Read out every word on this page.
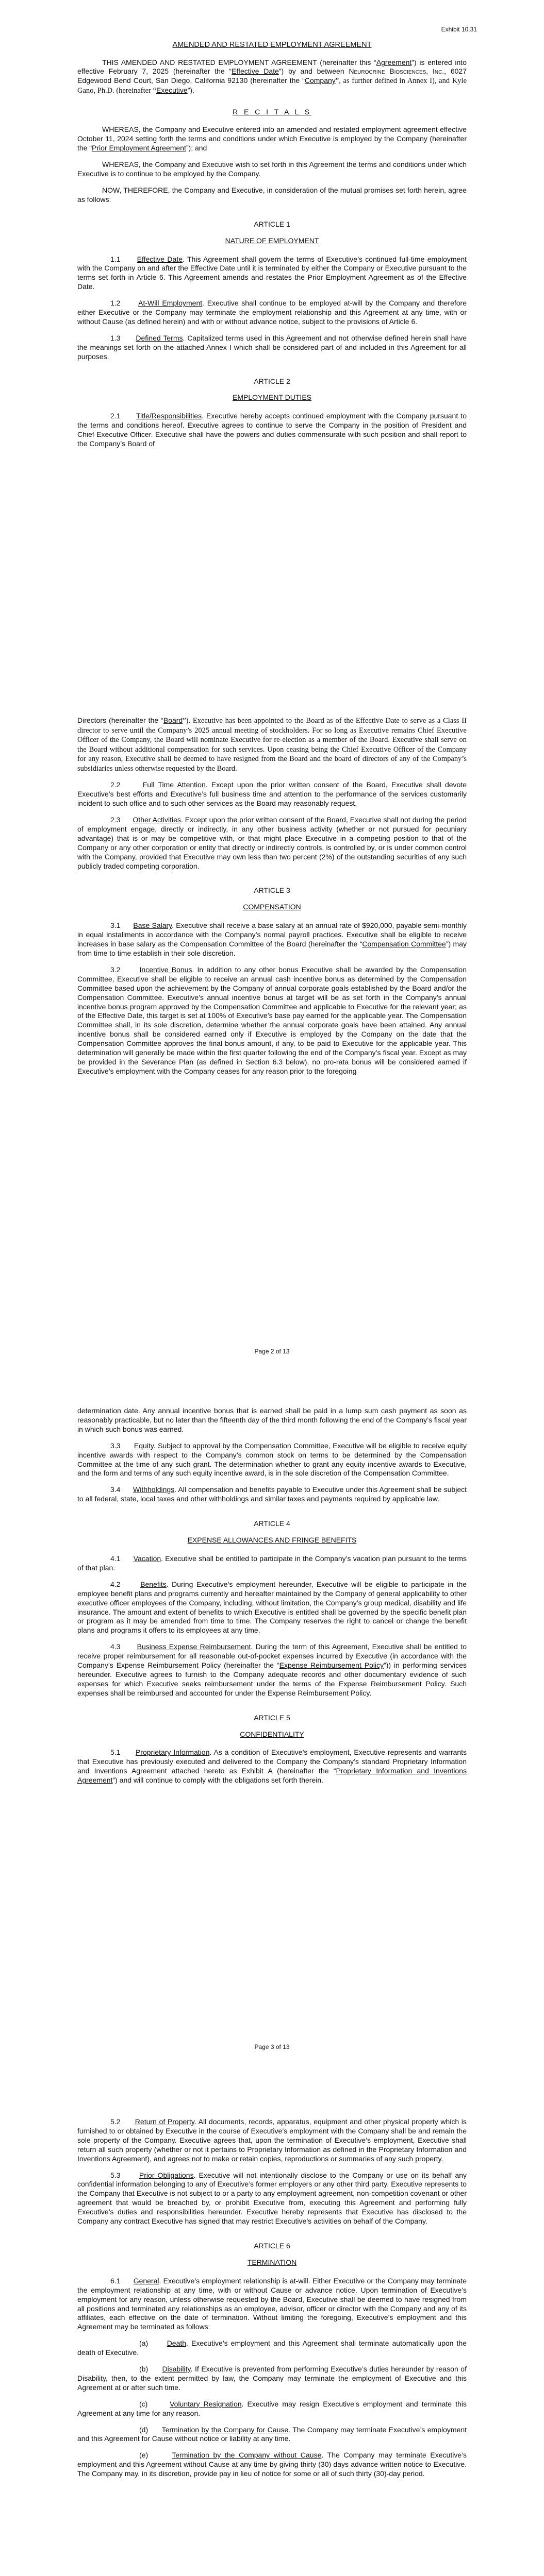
Exhibit 10.31
AMENDED AND RESTATED EMPLOYMENT AGREEMENT

THIS AMENDED AND RESTATED EMPLOYMENT AGREEMENT (hereinafter this “Agreement”) is entered into effective February 7, 2025 (hereinafter the “Effective Date”) by and between Neurocrine Biosciences, Inc., 6027 Edgewood Bend Court, San Diego, California 92130 (hereinafter the “Company”, as further defined in Annex I), and Kyle Gano, Ph.D. (hereinafter “Executive”).

R E C I T A L S

WHEREAS, the Company and Executive entered into an amended and restated employment agreement effective October 11, 2024 setting forth the terms and conditions under which Executive is employed by the Company (hereinafter the “Prior Employment Agreement”); and

WHEREAS, the Company and Executive wish to set forth in this Agreement the terms and conditions under which Executive is to continue to be employed by the Company.

NOW, THEREFORE, the Company and Executive, in consideration of the mutual promises set forth herein, agree as follows:

ARTICLE 1
NATURE OF EMPLOYMENT

1.1 Effective Date. This Agreement shall govern the terms of Executive’s continued full-time employment with the Company on and after the Effective Date until it is terminated by either the Company or Executive pursuant to the terms set forth in Article 6. This Agreement amends and restates the Prior Employment Agreement as of the Effective Date.

1.2 At-Will Employment. Executive shall continue to be employed at-will by the Company and therefore either Executive or the Company may terminate the employment relationship and this Agreement at any time, with or without Cause (as defined herein) and with or without advance notice, subject to the provisions of Article 6.

1.3 Defined Terms. Capitalized terms used in this Agreement and not otherwise defined herein shall have the meanings set forth on the attached Annex I which shall be considered part of and included in this Agreement for all purposes.

ARTICLE 2
EMPLOYMENT DUTIES

2.1 Title/Responsibilities. Executive hereby accepts continued employment with the Company pursuant to the terms and conditions hereof. Executive agrees to continue to serve the Company in the position of President and Chief Executive Officer. Executive shall have the powers and duties commensurate with such position and shall report to the Company’s Board of

Directors (hereinafter the “Board”). Executive has been appointed to the Board as of the Effective Date to serve as a Class II director to serve until the Company’s 2025 annual meeting of stockholders. For so long as Executive remains Chief Executive Officer of the Company, the Board will nominate Executive for re-election as a member of the Board. Executive shall serve on the Board without additional compensation for such services. Upon ceasing being the Chief Executive Officer of the Company for any reason, Executive shall be deemed to have resigned from the Board and the board of directors of any of the Company’s subsidiaries unless otherwise requested by the Board.

2.2	Full Time Attention. Except upon the prior written consent of the Board, Executive shall devote Executive’s best efforts and Executive’s full business time and attention to the performance of the services customarily incident to such office and to such other services as the Board may reasonably request.

2.3 Other Activities. Except upon the prior written consent of the Board, Executive shall not during the period of employment engage, directly or indirectly, in any other business activity (whether or not pursued for pecuniary advantage) that is or may be competitive with, or that might place Executive in a competing position to that of the Company or any other corporation or entity that directly or indirectly controls, is controlled by, or is under common control with the Company, provided that Executive may own less than two percent (2%) of the outstanding securities of any such publicly traded competing corporation.

ARTICLE 3
COMPENSATION

3.1 Base Salary. Executive shall receive a base salary at an annual rate of $920,000, payable semi-monthly in equal installments in accordance with the Company’s normal payroll practices. Executive shall be eligible to receive increases in base salary as the Compensation Committee of the Board (hereinafter the “Compensation Committee”) may from time to time establish in their sole discretion.

3.2	Incentive Bonus. In addition to any other bonus Executive shall be awarded by the Compensation Committee, Executive shall be eligible to receive an annual cash incentive bonus as determined by the Compensation Committee based upon the achievement by the Company of annual corporate goals established by the Board and/or the Compensation Committee. Executive’s annual incentive bonus at target will be as set forth in the Company’s annual incentive bonus program approved by the Compensation Committee and applicable to Executive for the relevant year; as of the Effective Date, this target is set at 100% of Executive’s base pay earned for the applicable year. The Compensation Committee shall, in its sole discretion, determine whether the annual corporate goals have been attained. Any annual incentive bonus shall be considered earned only if Executive is employed by the Company on the date that the Compensation Committee approves the final bonus amount, if any, to be paid to Executive for the applicable year. This determination will generally be made within the first quarter following the end of the Company’s fiscal year. Except as may be provided in the Severance Plan (as defined in Section 6.3 below), no pro-rata bonus will be considered earned if Executive’s employment with the Company ceases for any reason prior to the foregoing

Page 2 of 13

determination date. Any annual incentive bonus that is earned shall be paid in a lump sum cash payment as soon as reasonably practicable, but no later than the fifteenth day of the third month following the end of the Company’s fiscal year in which such bonus was earned.

3.3 Equity. Subject to approval by the Compensation Committee, Executive will be eligible to receive equity incentive awards with respect to the Company’s common stock on terms to be determined by the Compensation Committee at the time of any such grant. The determination whether to grant any equity incentive awards to Executive, and the form and terms of any such equity incentive award, is in the sole discretion of the Compensation Committee.

3.4 Withholdings. All compensation and benefits payable to Executive under this Agreement shall be subject to all federal, state, local taxes and other withholdings and similar taxes and payments required by applicable law.

ARTICLE 4
EXPENSE ALLOWANCES AND FRINGE BENEFITS

4.1 Vacation. Executive shall be entitled to participate in the Company’s vacation plan pursuant to the terms of that plan.

4.2	Benefits. During Executive’s employment hereunder, Executive will be eligible to participate in the employee benefit plans and programs currently and hereafter maintained by the Company of general applicability to other executive officer employees of the Company, including, without limitation, the Company’s group medical, disability and life insurance. The amount and extent of benefits to which Executive is entitled shall be governed by the specific benefit plan or program as it may be amended from time to time. The Company reserves the right to cancel or change the benefit plans and programs it offers to its employees at any time.

4.3 Business Expense Reimbursement. During the term of this Agreement, Executive shall be entitled to receive proper reimbursement for all reasonable out-of-pocket expenses incurred by Executive (in accordance with the Company’s Expense Reimbursement Policy (hereinafter the “Expense Reimbursement Policy”)) in performing services hereunder. Executive agrees to furnish to the Company adequate records and other documentary evidence of such expenses for which Executive seeks reimbursement under the terms of the Expense Reimbursement Policy. Such expenses shall be reimbursed and accounted for under the Expense Reimbursement Policy.

ARTICLE 5
CONFIDENTIALITY

5.1 Proprietary Information. As a condition of Executive’s employment, Executive represents and warrants that Executive has previously executed and delivered to the Company the Company’s standard Proprietary Information and Inventions Agreement attached hereto as Exhibit A (hereinafter the “Proprietary Information and Inventions Agreement”) and will continue to comply with the obligations set forth therein.

Page 3 of 13

5.2 Return of Property. All documents, records, apparatus, equipment and other physical property which is furnished to or obtained by Executive in the course of Executive’s employment with the Company shall be and remain the sole property of the Company. Executive agrees that, upon the termination of Executive’s employment, Executive shall return all such property (whether or not it pertains to Proprietary Information as defined in the Proprietary Information and Inventions Agreement), and agrees not to make or retain copies, reproductions or summaries of any such property.

5.3	Prior Obligations. Executive will not intentionally disclose to the Company or use on its behalf any confidential information belonging to any of Executive’s former employers or any other third party. Executive represents to the Company that Executive is not subject to or a party to any employment agreement, non-competition covenant or other agreement that would be breached by, or prohibit Executive from, executing this Agreement and performing fully Executive’s duties and responsibilities hereunder. Executive hereby represents that Executive has disclosed to the Company any contract Executive has signed that may restrict Executive’s activities on behalf of the Company.

ARTICLE 6
TERMINATION

6.1 General. Executive’s employment relationship is at-will. Either Executive or the Company may terminate the employment relationship at any time, with or without Cause or advance notice. Upon termination of Executive’s employment for any reason, unless otherwise requested by the Board, Executive shall be deemed to have resigned from all positions and terminated any relationships as an employee, advisor, officer or director with the Company and any of its affiliates, each effective on the date of termination. Without limiting the foregoing, Executive’s employment and this Agreement may be terminated as follows:

(a)	Death. Executive’s employment and this Agreement shall terminate automatically upon the death of Executive.

(b) Disability. If Executive is prevented from performing Executive’s duties hereunder by reason of Disability, then, to the extent permitted by law, the Company may terminate the employment of Executive and this Agreement at or after such time.

(c)	Voluntary Resignation. Executive may resign Executive’s employment and terminate this Agreement at any time for any reason.

(d) Termination by the Company for Cause. The Company may terminate Executive’s employment and this Agreement for Cause without notice or liability at any time.

(e)	Termination by the Company without Cause. The Company may terminate Executive’s employment and this Agreement without Cause at any time by giving thirty (30) days advance written notice to Executive. The Company may, in its discretion, provide pay in lieu of notice for some or all of such thirty (30)-day period.
